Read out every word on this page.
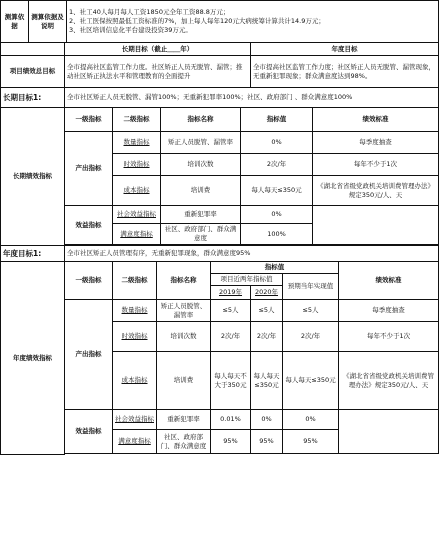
测算依据	测算依据及说明	
1、社工40人每月每人工资1850元全年工资88.8万元；
2、社工医保按照最低工资标准的7%，加上每人每年120元大病统筹计算共计14.9万元；
3、社区培训信息化平台建设投资39万元。
	长期目标（截止＿＿年）	年度目标
项目绩效总目标	全市提高社区监管工作力度。社区矫正人员无脱管、漏管；推动社区矫正执法水平和管理教育的全面提升	全市提高社区监管工作力度；社区矫正人员无脱管、漏管现象，无重新犯罪现象；群众满意度达到98%。
长期目标1:	全市社区矫正人员无脱管、漏管100%；无重新犯罪率100%；社区、政府部门 、群众满意度100%
长期绩效指标	一级指标	二级指标	指标名称	指标值	绩效标准
	产出指标	数量指标	矫正人员脱管、漏管率	0%	每季度抽查
		时效指标	培训次数	2次/年	每年不少于1次
		成本指标	培训费	每人每天≤350元	《湖北省省级党政机关培训费管理办法》规定350元/人、天
	效益指标	社会效益指标	重新犯罪率	0%	
		满意度指标	社区、政府部门、群众满意度	100%	

年度目标1:	全市社区矫正人员管理有序，无重新犯罪现象，群众满意度95%
年度绩效指标	一级指标	二级指标	指标名称	指标值			绩效标准
				项目近两年指标值		预期当年实现值	
				2019年	2020年		
	产出指标	数量指标	矫正人员脱管、漏管率	≤5人	≤5人	≤5人	每季度抽查
		时效指标	培训次数	2次/年	2次/年	2次/年	每年不少于1次
		成本指标	培训费	每人每天不大于350元	每人每天≤350元	每人每天≤350元	《湖北省省级党政机关培训费管理办法》规定350元/人、天
	效益指标	社会效益指标	重新犯罪率	0.01%	0%	0%	
		满意度指标	社区、政府部门、群众满意度	95%	95%	95%	
